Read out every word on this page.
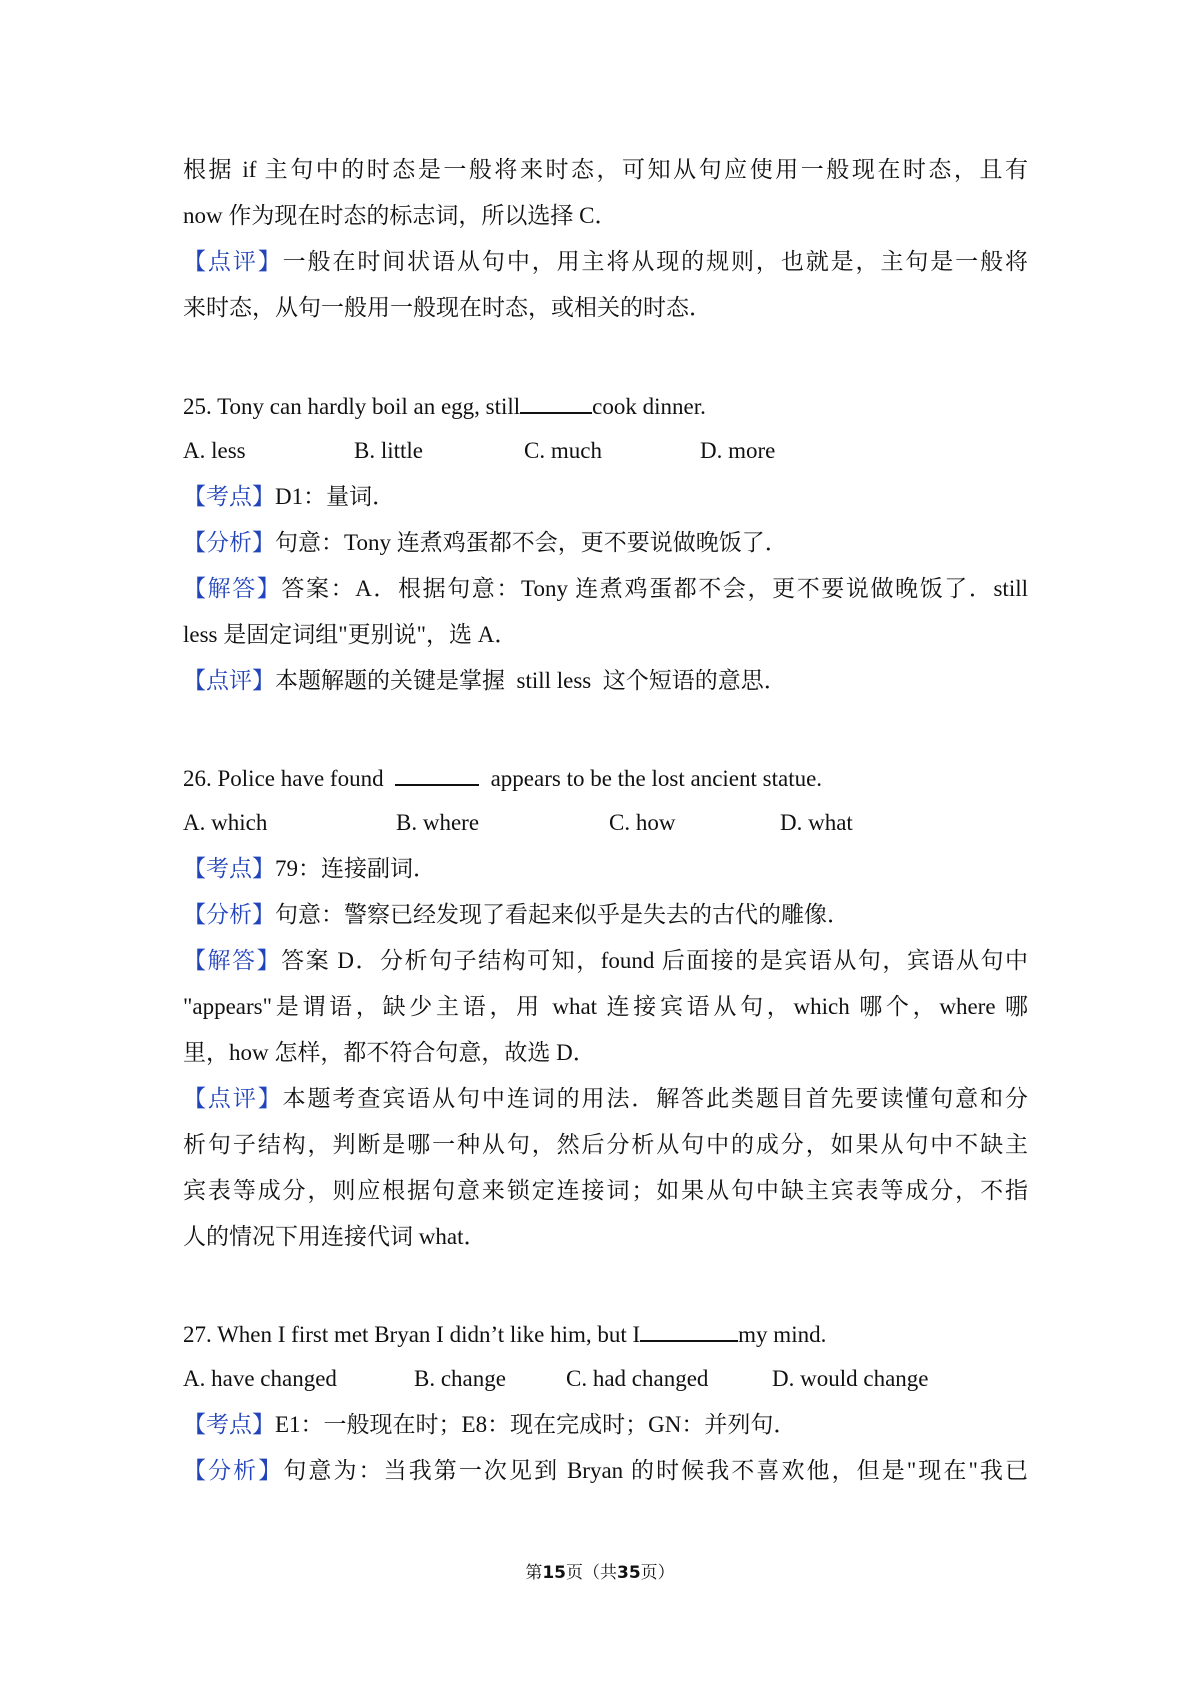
根据 if 主句中的时态是一般将来时态，可知从句应使用一般现在时态，且有
now 作为现在时态的标志词，所以选择 C．
【点评】一般在时间状语从句中，用主将从现的规则，也就是，主句是一般将
来时态，从句一般用一般现在时态，或相关的时态．
25. Tony can hardly boil an egg, still	cook dinner.
A. less	B. little	C. much	D. more
【考点】D1：量词．
【分析】句意：Tony 连煮鸡蛋都不会，更不要说做晚饭了．
【解答】答案：A．根据句意：Tony 连煮鸡蛋都不会，更不要说做晚饭了．still
less 是固定词组"更别说"，选 A．
【点评】本题解题的关键是掌握  still less  这个短语的意思．
26. Police have found	appears to be the lost ancient statue.
A. which	B. where	C. how	D. what
【考点】79：连接副词．
【分析】句意：警察已经发现了看起来似乎是失去的古代的雕像．
【解答】答案 D．分析句子结构可知，found 后面接的是宾语从句，宾语从句中
"appears"是谓语，缺少主语，用 what 连接宾语从句，which 哪个，where 哪
里，how 怎样，都不符合句意，故选 D．
【点评】本题考查宾语从句中连词的用法．解答此类题目首先要读懂句意和分
析句子结构，判断是哪一种从句，然后分析从句中的成分，如果从句中不缺主
宾表等成分，则应根据句意来锁定连接词；如果从句中缺主宾表等成分，不指
人的情况下用连接代词 what．
27. When I first met Bryan I didn’t like him, but I	my mind.
A. have changed	B. change	C. had changed	D. would change
【考点】E1：一般现在时；E8：现在完成时；GN：并列句．
【分析】句意为：当我第一次见到 Bryan 的时候我不喜欢他，但是"现在"我已
第15页（共35页）
